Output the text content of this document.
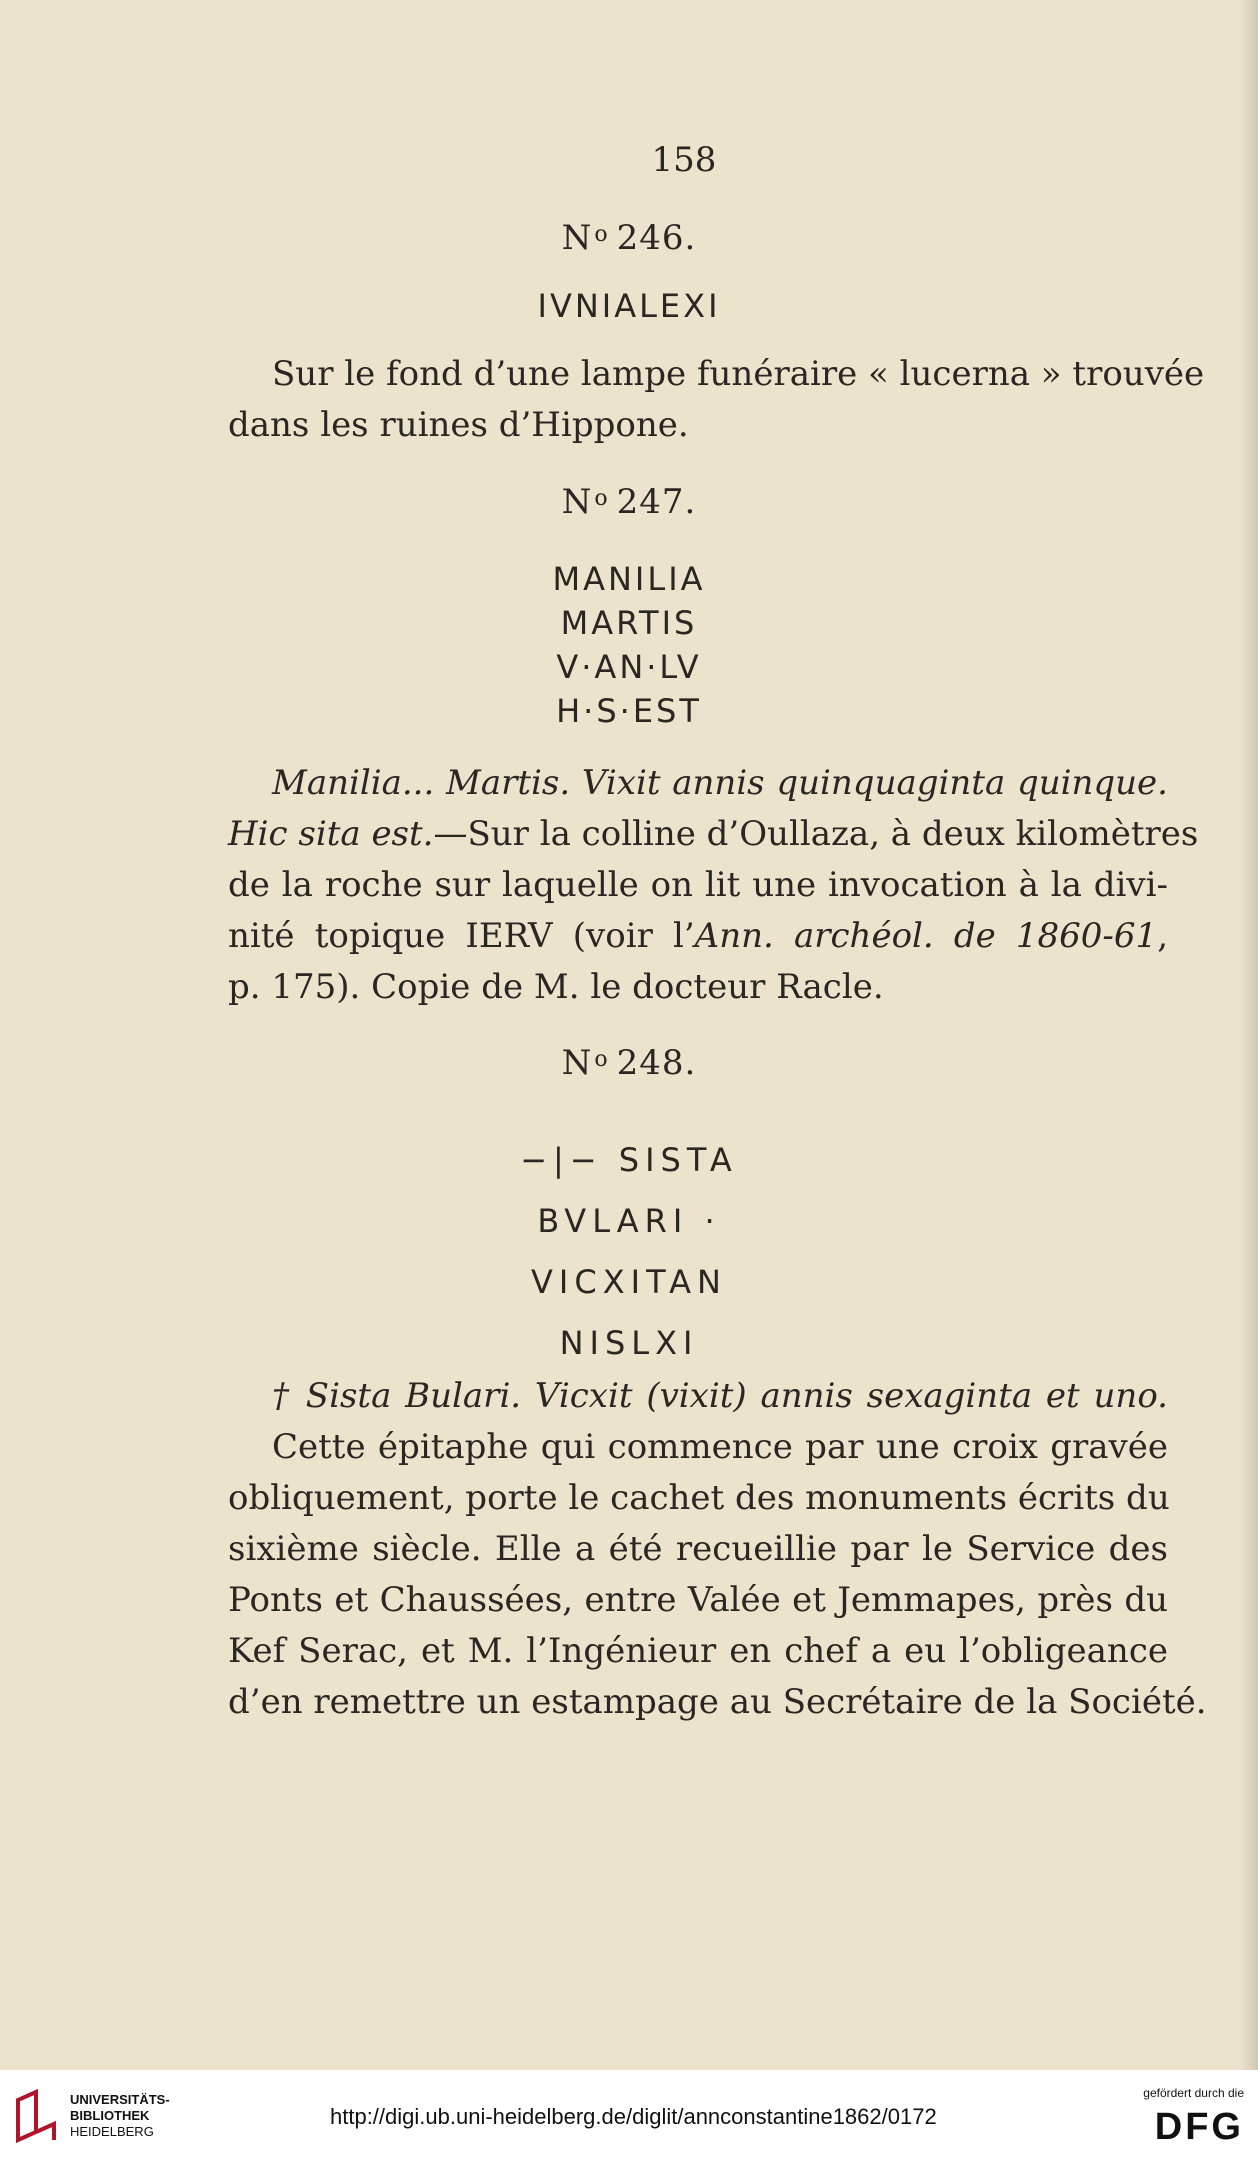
158
$N^o$ 246.
IVNIALEXI
Sur le fond d’une lampe funéraire « lucerna » trouvée
dans les ruines d’Hippone.
$N^o$ 247.
MANILIA
MARTIS
V·AN·LV
H·S·EST
Manilia... Martis. Vixit annis quinquaginta quinque.
Hic sita est.—Sur la colline d’Oullaza, à deux kilomètres
de la roche sur laquelle on lit une invocation à la divi-
nité topique IERV (voir l’Ann. archéol. de 1860-61,
p. 175). Copie de M. le docteur Racle.
$N^o$ 248.
−|− SISTA
BVLARI ·
VICXITAN
NISLXI
† Sista Bulari. Vicxit (vixit) annis sexaginta et uno.
Cette épitaphe qui commence par une croix gravée
obliquement, porte le cachet des monuments écrits du
sixième siècle. Elle a été recueillie par le Service des
Ponts et Chaussées, entre Valée et Jemmapes, près du
Kef Serac, et M. l’Ingénieur en chef a eu l’obligeance
d’en remettre un estampage au Secrétaire de la Société.
UNIVERSITÄTS-
BIBLIOTHEK
HEIDELBERG
http://digi.ub.uni-heidelberg.de/diglit/annconstantine1862/0172
gefördert durch die
DFG
